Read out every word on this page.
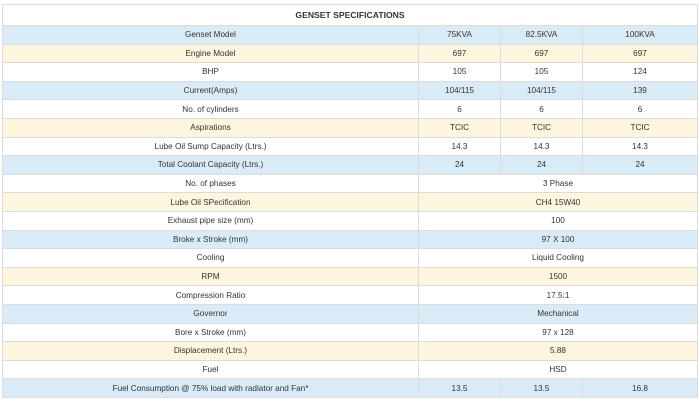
GENSET SPECIFICATIONS			
Genset Model	75KVA	82.5KVA	100KVA
Engine Model	697	697	697
BHP	105	105	124
Current(Amps)	104/115	104/115	139
No. of cylinders	6	6	6
Aspirations	TCIC	TCIC	TCIC
Lube Oil Sump Capacity (Ltrs.)	14.3	14.3	14.3
Total Coolant Capacity (Ltrs.)	24	24	24
No. of phases	3 Phase		
Lube Oil SPecification	CH4 15W40		
Exhaust pipe size (mm)	100		
Broke x Stroke (mm)	97 X 100		
Cooling	Liquid Cooling		
RPM	1500		
Compression Ratio	17.5:1		
Governor	Mechanical		
Bore x Stroke (mm)	97 x 128		
Displacement (Ltrs.)	5.88		
Fuel	HSD		
Fuel Consumption @ 75% load with radiator and Fan*	13.5	13.5	16.8
